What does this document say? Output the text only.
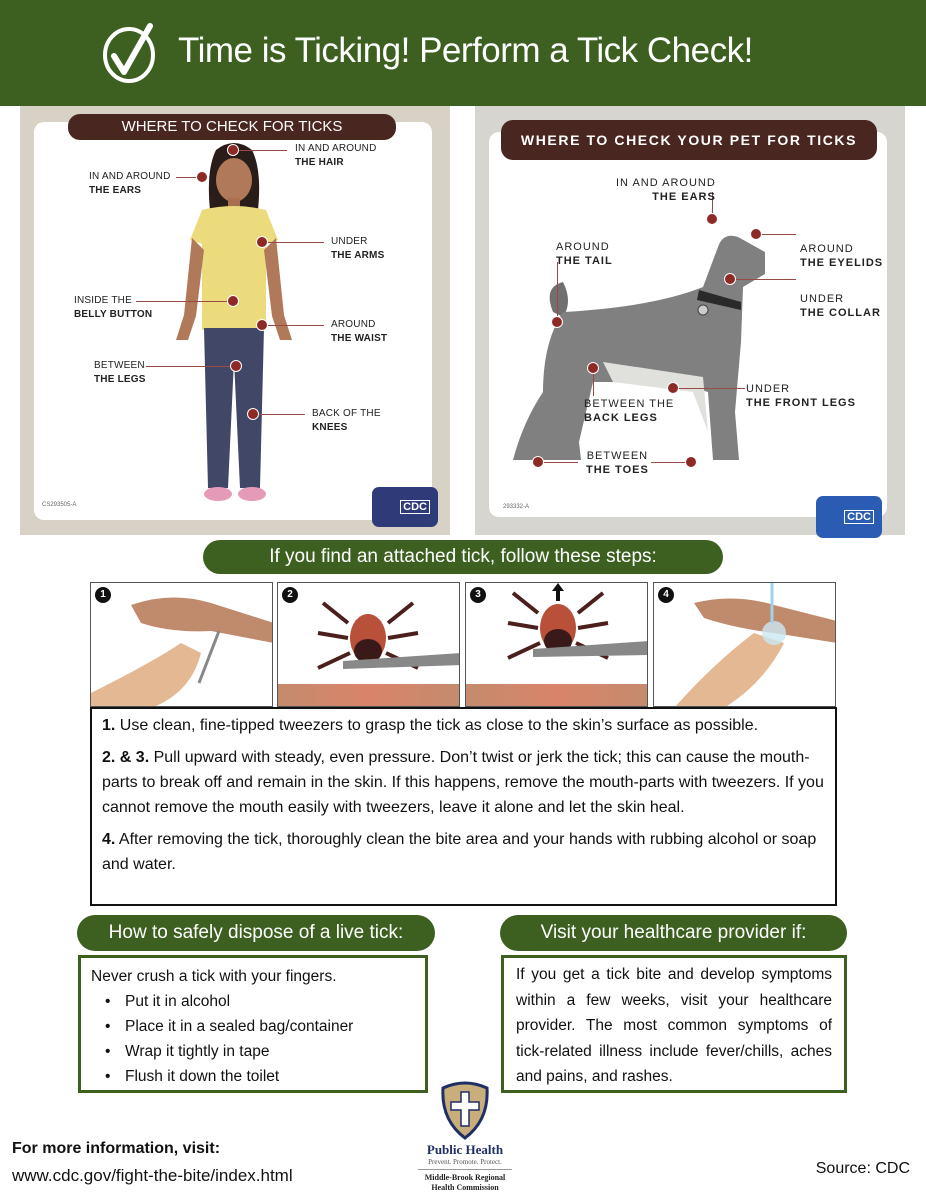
Time is Ticking! Perform a Tick Check!
IN AND AROUND
THE HAIR
IN AND AROUND
THE EARS
UNDER
THE ARMS
INSIDE THE
BELLY BUTTON
AROUND
THE WAIST
BETWEEN
THE LEGS
BACK OF THE
KNEES
CS293505-A	CDC
WHERE TO CHECK FOR TICKS
IN AND AROUND
THE EARS
AROUND
THE TAIL
AROUND
THE EYELIDS
UNDER
THE COLLAR
UNDER
THE FRONT LEGS
BETWEEN THE
BACK LEGS
BETWEEN
THE TOES
293332-A
CDC
WHERE TO CHECK YOUR PET FOR TICKS
If you find an attached tick, follow these steps:
1	2	3	4

1. Use clean, fine-tipped tweezers to grasp the tick as close to the skin’s surface as possible.

2. & 3. Pull upward with steady, even pressure. Don’t twist or jerk the tick; this can cause the mouth-parts to break off and remain in the skin. If this happens, remove the mouth-parts with tweezers. If you cannot remove the mouth easily with tweezers, leave it alone and let the skin heal.

4. After removing the tick, thoroughly clean the bite area and your hands with rubbing alcohol or soap and water.

How to safely dispose of a live tick:
Never crush a tick with your fingers.
• Put it in alcohol
• Place it in a sealed bag/container
• Wrap it tightly in tape
• Flush it down the toilet
Visit your healthcare provider if:
If you get a tick bite and develop symptoms within a few weeks, visit your healthcare provider. The most common symptoms of tick-related illness include fever/chills, aches and pains, and rashes.
For more information, visit:
www.cdc.gov/fight-the-bite/index.html
Public Health
Prevent. Promote. Protect.
Middle-Brook Regional
Health Commission
Source: CDC
